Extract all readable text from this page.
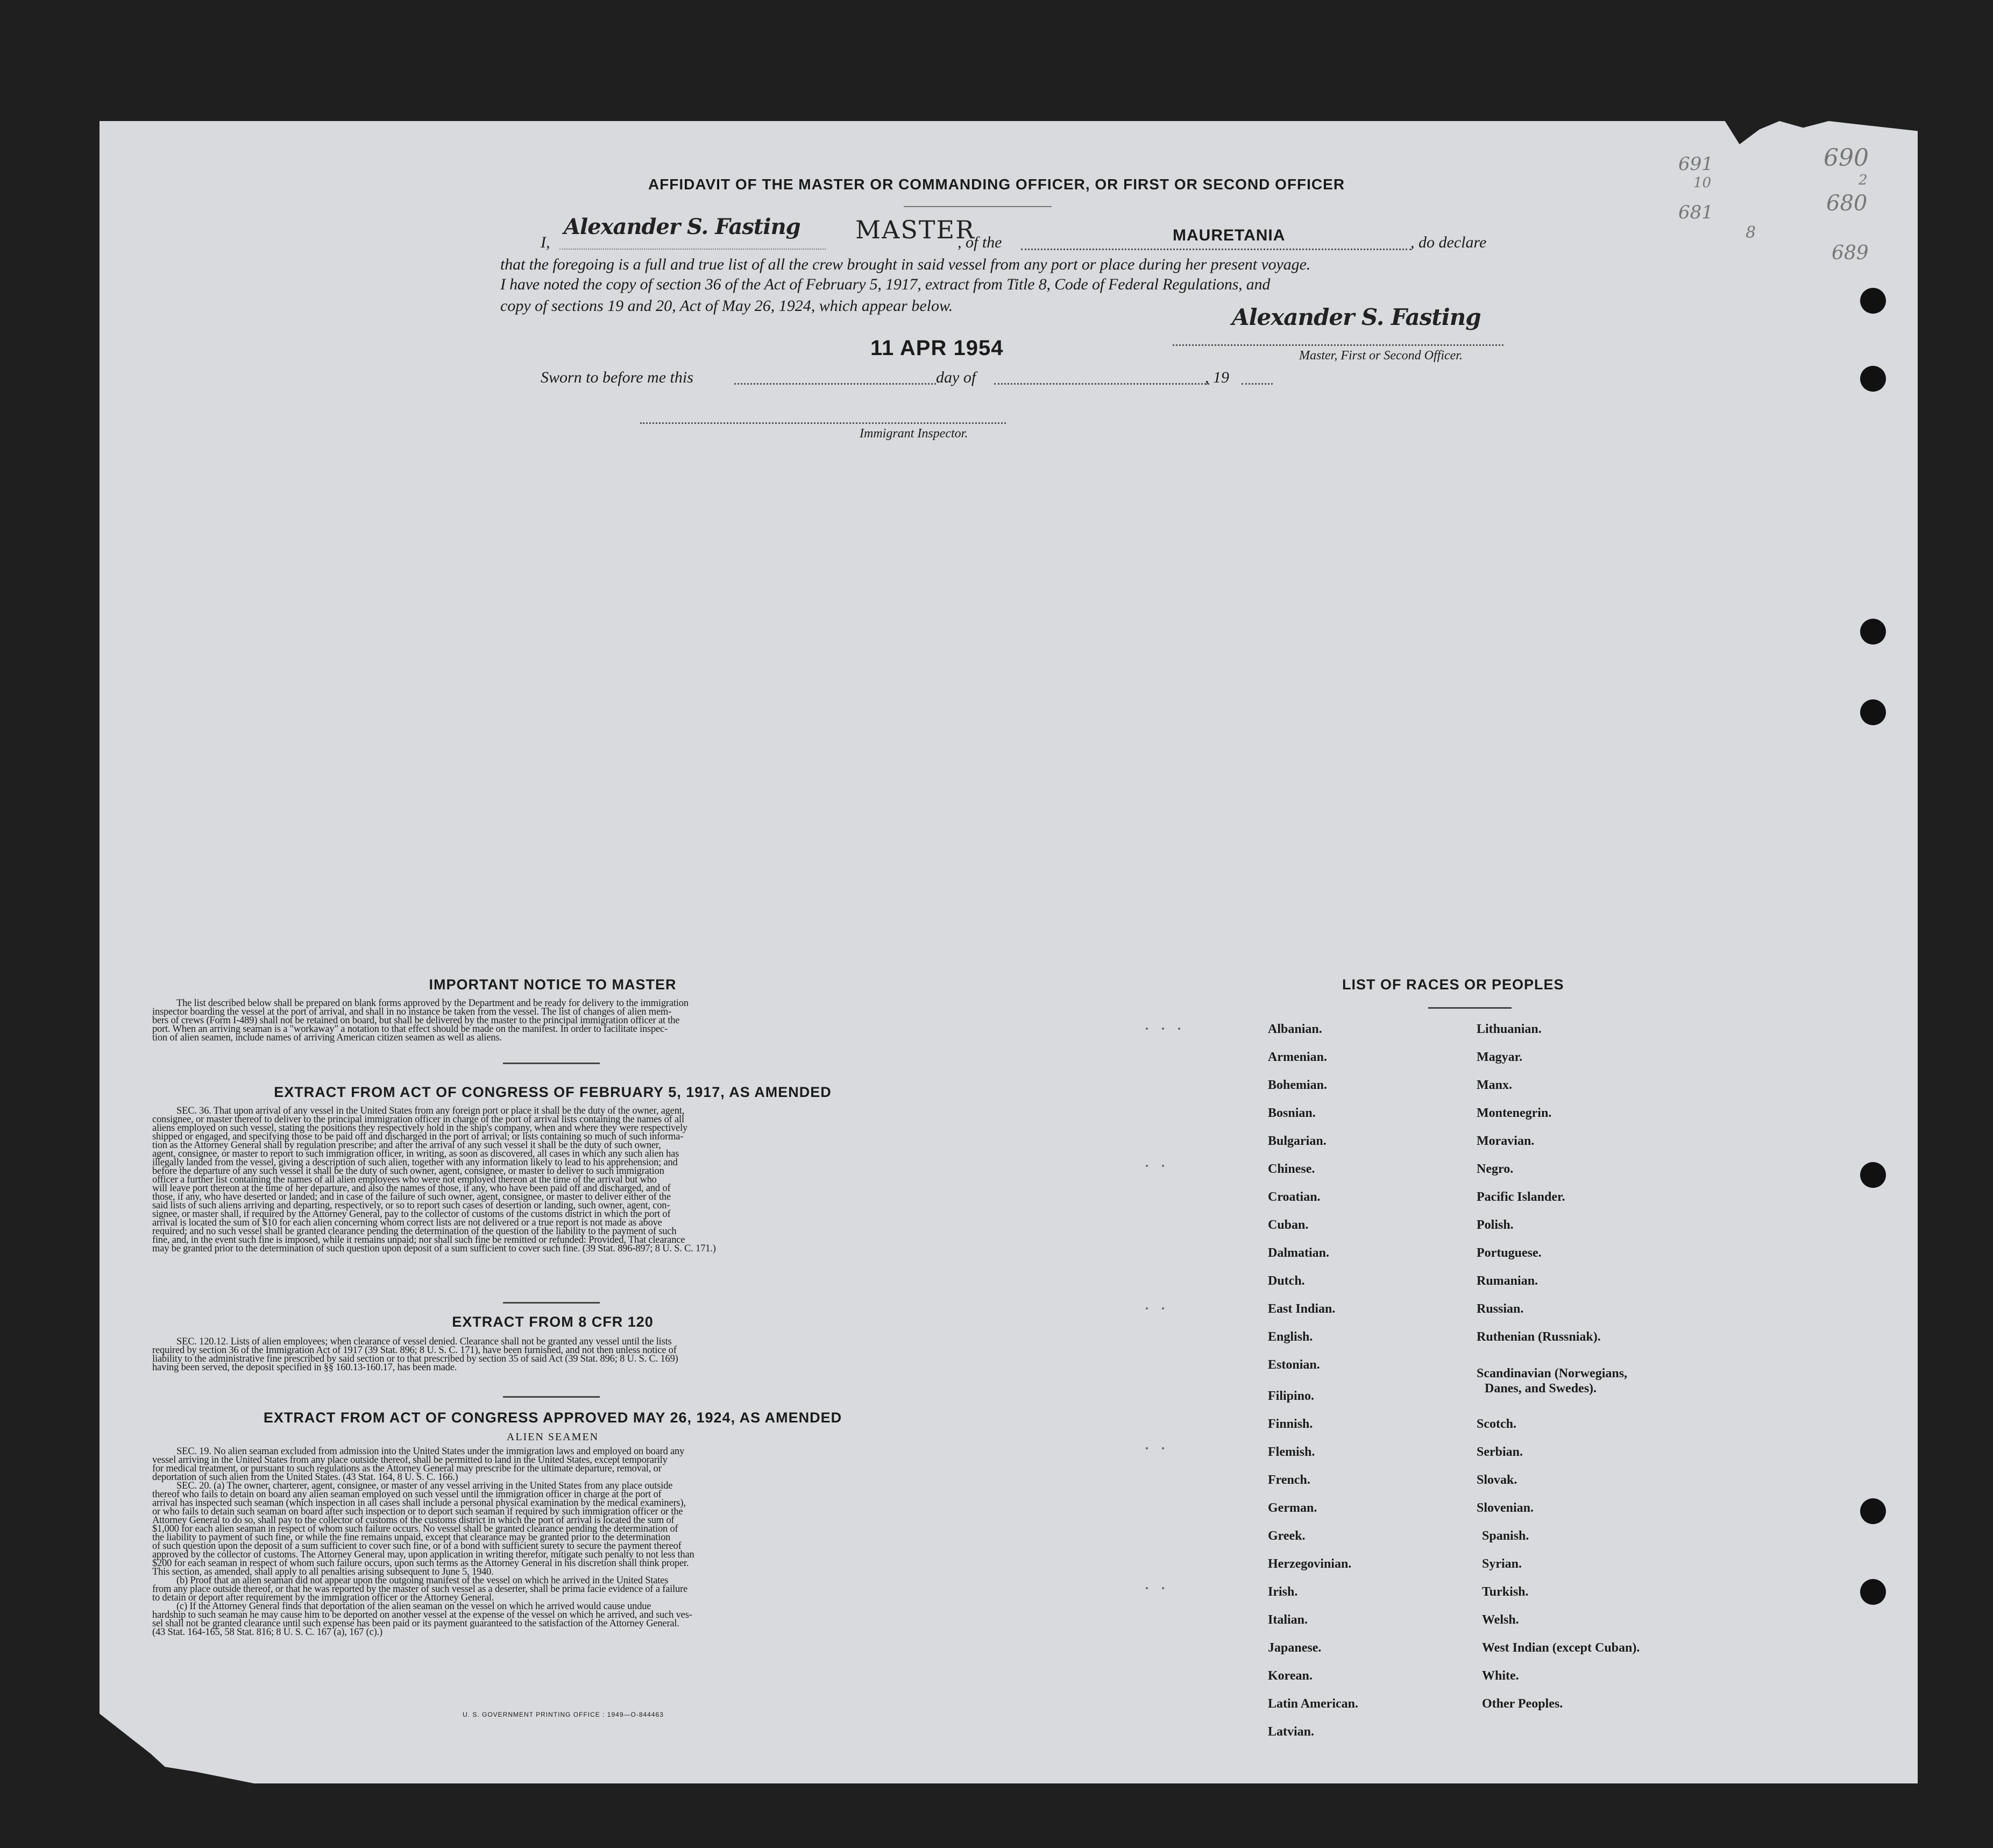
691
10
681
8
690
2
680
689
AFFIDAVIT OF THE MASTER OR COMMANDING OFFICER, OR FIRST OR SECOND OFFICER
I,
Alexander S. Fasting MASTER
, of the	MAURETANIA	, do declare
that the foregoing is a full and true list of all the crew brought in said vessel from any port or place during her present voyage.
I have noted the copy of section 36 of the Act of February 5, 1917, extract from Title 8, Code of Federal Regulations, and
copy of sections 19 and 20, Act of May 26, 1924, which appear below.	Alexander S. Fasting
Master, First or Second Officer.
11 APR 1954
Sworn to before me this	day of	, 19
Immigrant Inspector.
IMPORTANT NOTICE TO MASTER
The list described below shall be prepared on blank forms approved by the Department and be ready for delivery to the immigration
inspector boarding the vessel at the port of arrival, and shall in no instance be taken from the vessel. The list of changes of alien mem-
bers of crews (Form I-489) shall not be retained on board, but shall be delivered by the master to the principal immigration officer at the
port. When an arriving seaman is a "workaway" a notation to that effect should be made on the manifest. In order to facilitate inspec-
tion of alien seamen, include names of arriving American citizen seamen as well as aliens.
EXTRACT FROM ACT OF CONGRESS OF FEBRUARY 5, 1917, AS AMENDED
SEC. 36. That upon arrival of any vessel in the United States from any foreign port or place it shall be the duty of the owner, agent,
consignee, or master thereof to deliver to the principal immigration officer in charge of the port of arrival lists containing the names of all
aliens employed on such vessel, stating the positions they respectively hold in the ship's company, when and where they were respectively
shipped or engaged, and specifying those to be paid off and discharged in the port of arrival; or lists containing so much of such informa-
tion as the Attorney General shall by regulation prescribe; and after the arrival of any such vessel it shall be the duty of such owner,
agent, consignee, or master to report to such immigration officer, in writing, as soon as discovered, all cases in which any such alien has
illegally landed from the vessel, giving a description of such alien, together with any information likely to lead to his apprehension; and
before the departure of any such vessel it shall be the duty of such owner, agent, consignee, or master to deliver to such immigration
officer a further list containing the names of all alien employees who were not employed thereon at the time of the arrival but who
will leave port thereon at the time of her departure, and also the names of those, if any, who have been paid off and discharged, and of
those, if any, who have deserted or landed; and in case of the failure of such owner, agent, consignee, or master to deliver either of the
said lists of such aliens arriving and departing, respectively, or so to report such cases of desertion or landing, such owner, agent, con-
signee, or master shall, if required by the Attorney General, pay to the collector of customs of the customs district in which the port of
arrival is located the sum of $10 for each alien concerning whom correct lists are not delivered or a true report is not made as above
required; and no such vessel shall be granted clearance pending the determination of the question of the liability to the payment of such
fine, and, in the event such fine is imposed, while it remains unpaid; nor shall such fine be remitted or refunded: Provided, That clearance
may be granted prior to the determination of such question upon deposit of a sum sufficient to cover such fine. (39 Stat. 896-897; 8 U. S. C. 171.)
EXTRACT FROM 8 CFR 120
SEC. 120.12. Lists of alien employees; when clearance of vessel denied. Clearance shall not be granted any vessel until the lists
required by section 36 of the Immigration Act of 1917 (39 Stat. 896; 8 U. S. C. 171), have been furnished, and not then unless notice of
liability to the administrative fine prescribed by said section or to that prescribed by section 35 of said Act (39 Stat. 896; 8 U. S. C. 169)
having been served, the deposit specified in §§ 160.13-160.17, has been made.
EXTRACT FROM ACT OF CONGRESS APPROVED MAY 26, 1924, AS AMENDED
ALIEN SEAMEN
SEC. 19. No alien seaman excluded from admission into the United States under the immigration laws and employed on board any
vessel arriving in the United States from any place outside thereof, shall be permitted to land in the United States, except temporarily
for medical treatment, or pursuant to such regulations as the Attorney General may prescribe for the ultimate departure, removal, or
deportation of such alien from the United States. (43 Stat. 164, 8 U. S. C. 166.)
SEC. 20. (a) The owner, charterer, agent, consignee, or master of any vessel arriving in the United States from any place outside
thereof who fails to detain on board any alien seaman employed on such vessel until the immigration officer in charge at the port of
arrival has inspected such seaman (which inspection in all cases shall include a personal physical examination by the medical examiners),
or who fails to detain such seaman on board after such inspection or to deport such seaman if required by such immigration officer or the
Attorney General to do so, shall pay to the collector of customs of the customs district in which the port of arrival is located the sum of
$1,000 for each alien seaman in respect of whom such failure occurs. No vessel shall be granted clearance pending the determination of
the liability to payment of such fine, or while the fine remains unpaid, except that clearance may be granted prior to the determination
of such question upon the deposit of a sum sufficient to cover such fine, or of a bond with sufficient surety to secure the payment thereof
approved by the collector of customs. The Attorney General may, upon application in writing therefor, mitigate such penalty to not less than
$200 for each seaman in respect of whom such failure occurs, upon such terms as the Attorney General in his discretion shall think proper.
This section, as amended, shall apply to all penalties arising subsequent to June 5, 1940.
(b) Proof that an alien seaman did not appear upon the outgoing manifest of the vessel on which he arrived in the United States
from any place outside thereof, or that he was reported by the master of such vessel as a deserter, shall be prima facie evidence of a failure
to detain or deport after requirement by the immigration officer or the Attorney General.
(c) If the Attorney General finds that deportation of the alien seaman on the vessel on which he arrived would cause undue
hardship to such seaman he may cause him to be deported on another vessel at the expense of the vessel on which he arrived, and such ves-
sel shall not be granted clearance until such expense has been paid or its payment guaranteed to the satisfaction of the Attorney General.
(43 Stat. 164-165, 58 Stat. 816; 8 U. S. C. 167 (a), 167 (c).)
U. S. GOVERNMENT PRINTING OFFICE : 1949—O-844463
LIST OF RACES OR PEOPLES
Albanian.
Armenian.
Bohemian.
Bosnian.
Bulgarian.
Chinese.
Croatian.
Cuban.
Dalmatian.
Dutch.
East Indian.
English.
Estonian.
Filipino.
Finnish.
Flemish.
French.
German.
Greek.
Herzegovinian.
Irish.
Italian.
Japanese.
Korean.
Latin American.
Latvian.
Lithuanian.
Magyar.
Manx.
Montenegrin.
Moravian.
Negro.
Pacific Islander.
Polish.
Portuguese.
Rumanian.
Russian.
Ruthenian (Russniak).
Scandinavian (Norwegians,
Danes, and Swedes).
Scotch.
Serbian.
Slovak.
Slovenian.
Spanish.
Syrian.
Turkish.
Welsh.
West Indian (except Cuban).
White.
Other Peoples.
